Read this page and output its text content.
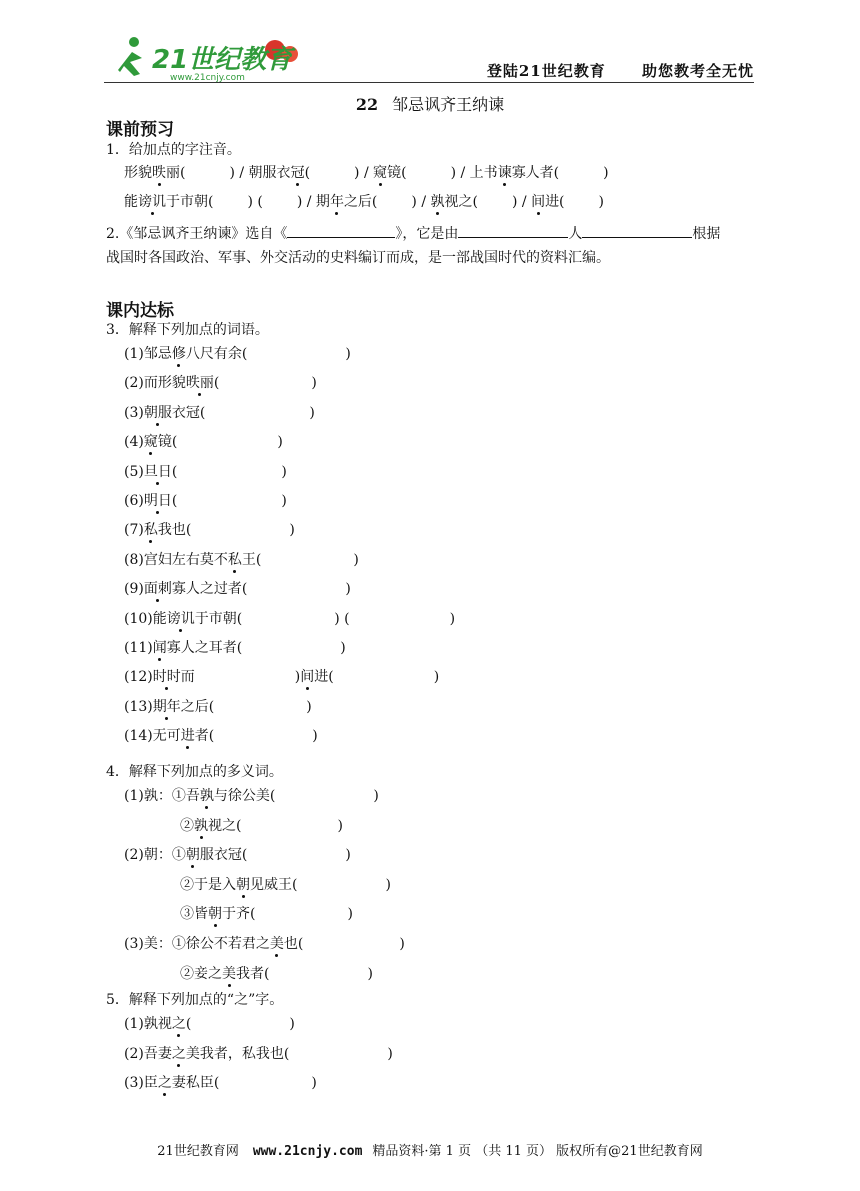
21世纪教育
www.21cnjy.com	登陆21世纪教育 助您教考全无忧
22 邹忌讽齐王纳谏
课前预习
1．给加点的字注音。
形貌昳丽(	) / 朝服衣冠(	) / 窥镜(	) / 上书谏寡人者(	)
能谤讥于市朝( ) ( ) / 期年之后( ) / 孰视之( ) / 间进( )
2.《邹忌讽齐王纳谏》选自《	》，它是由	人	根据
战国时各国政治、军事、外交活动的史料编订而成，是一部战国时代的资料汇编。
课内达标
3．解释下列加点的词语。
(1)邹忌修八尺有余(	)
(2)而形貌昳丽(	)
(3)朝服衣冠(	)
(4)窥镜(	)
(5)旦日(	)
(6)明日(	)
(7)私我也(	)
(8)宫妇左右莫不私王(	)
(9)面刺寡人之过者(	)
(10)能谤讥于市朝(	) (	)
(11)闻寡人之耳者(	)
(12)时时而	)间进(	)
(13)期年之后(	)
(14)无可进者(	)
4．解释下列加点的多义词。
(1)孰：①吾孰与徐公美(	)
②孰视之(	)
(2)朝：①朝服衣冠(	)
②于是入朝见威王(	)
③皆朝于齐(	)
(3)美：①徐公不若君之美也(	)
②妾之美我者(	)
5．解释下列加点的“之”字。
(1)孰视之(	)
(2)吾妻之美我者，私我也(	)
(3)臣之妻私臣(	)
21世纪教育网 www.21cnjy.com 精品资料·第 1 页 （共 11 页） 版权所有@21世纪教育网
